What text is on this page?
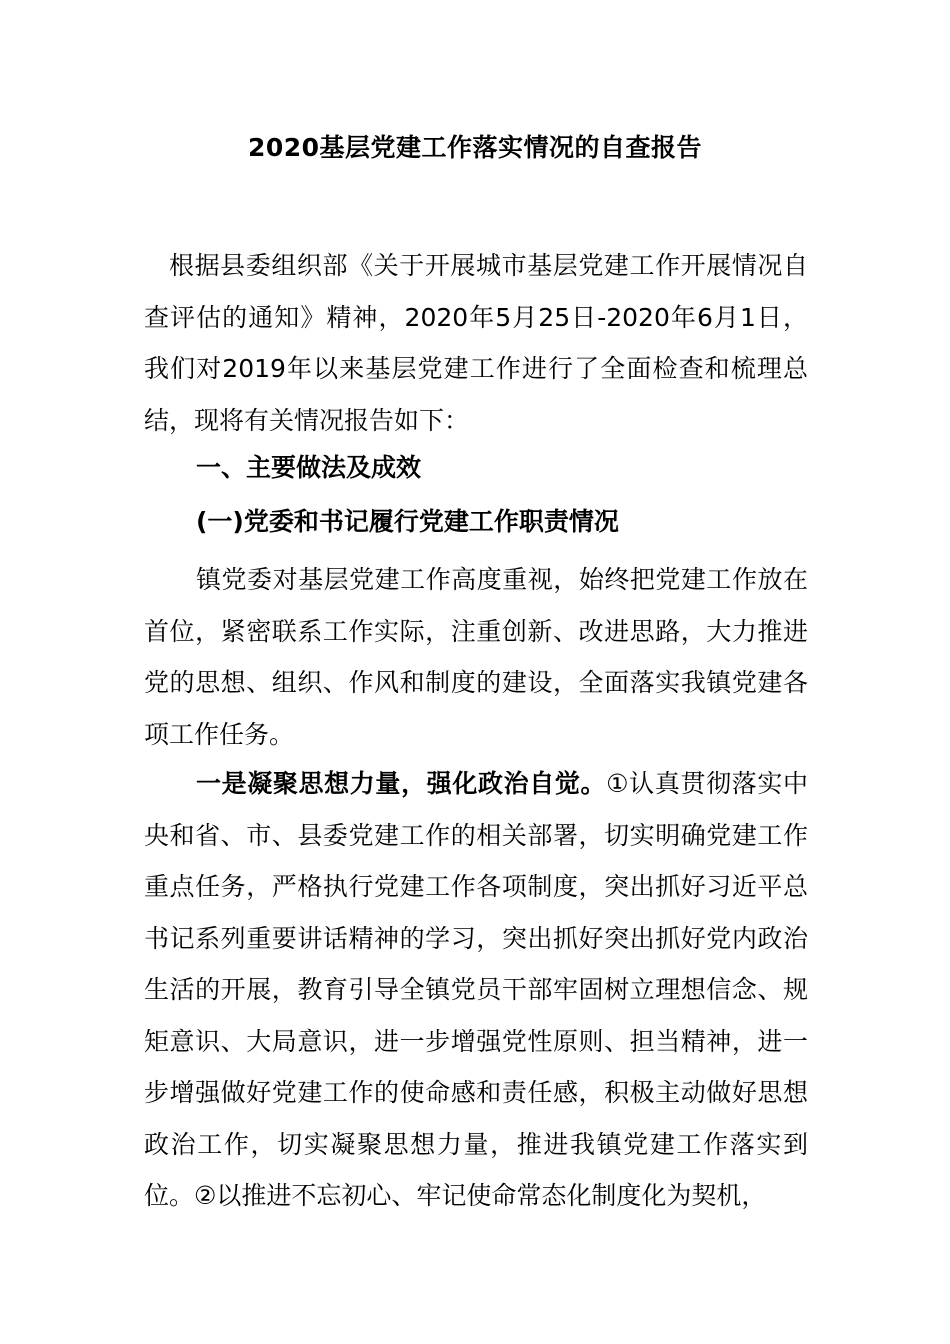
2020基层党建工作落实情况的自查报告
根据县委组织部《关于开展城市基层党建工作开展情况自查评估的通知》精神，2020年5月25日-2020年6月1日，我们对2019年以来基层党建工作进行了全面检查和梳理总结，现将有关情况报告如下：
一、主要做法及成效
(一)党委和书记履行党建工作职责情况
镇党委对基层党建工作高度重视，始终把党建工作放在首位，紧密联系工作实际，注重创新、改进思路，大力推进党的思想、组织、作风和制度的建设，全面落实我镇党建各项工作任务。
一是凝聚思想力量，强化政治自觉。①认真贯彻落实中央和省、市、县委党建工作的相关部署，切实明确党建工作重点任务，严格执行党建工作各项制度，突出抓好习近平总书记系列重要讲话精神的学习，突出抓好突出抓好党内政治生活的开展，教育引导全镇党员干部牢固树立理想信念、规矩意识、大局意识，进一步增强党性原则、担当精神，进一步增强做好党建工作的使命感和责任感，积极主动做好思想政治工作，切实凝聚思想力量，推进我镇党建工作落实到位。②以推进不忘初心、牢记使命常态化制度化为契机，
